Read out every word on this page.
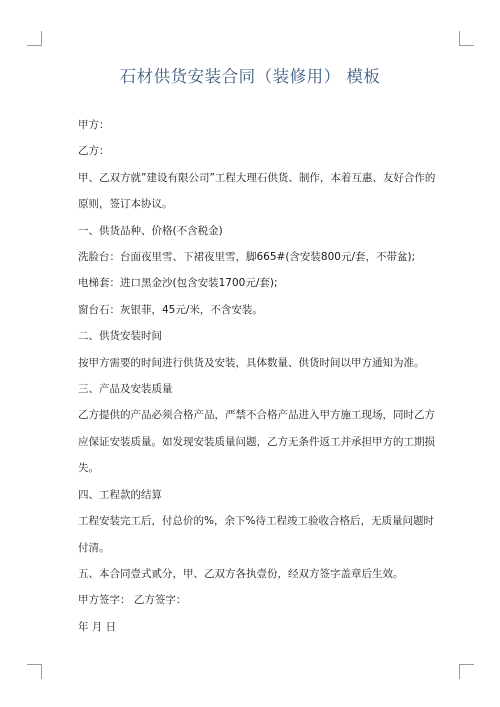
石材供货安装合同（装修用） 模板

甲方：

乙方：

甲、乙双方就”建设有限公司”工程大理石供货、制作，本着互惠、友好合作的原则，签订本协议。

一、供货品种、价格(不含税金)

洗脸台：台面夜里雪、下裙夜里雪，脚665#(含安装800元/套，不带盆);

电梯套：进口黑金沙(包含安装1700元/套);

窗台石：灰银菲，45元/米，不含安装。

二、供货安装时间

按甲方需要的时间进行供货及安装，具体数量、供货时间以甲方通知为准。

三、产品及安装质量

乙方提供的产品必须合格产品，严禁不合格产品进入甲方施工现场，同时乙方应保证安装质量。如发现安装质量问题，乙方无条件返工并承担甲方的工期损失。

四、工程款的结算

工程安装完工后，付总价的%，余下%待工程竣工验收合格后，无质量问题时付清。

五、本合同壹式贰分，甲、乙双方各执壹份，经双方签字盖章后生效。

甲方签字： 乙方签字：

年 月 日
